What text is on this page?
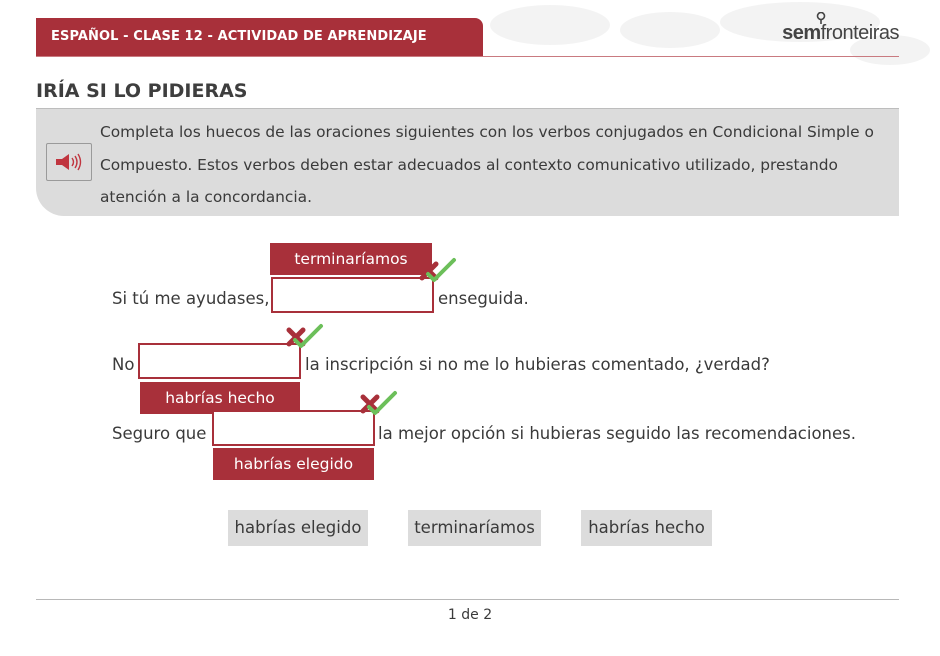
ESPAÑOL - CLASE 12 - ACTIVIDAD DE APRENDIZAJE	semfronteiras
IRÍA SI LO PIDIERAS
Completa los huecos de las oraciones siguientes con los verbos conjugados en Condicional Simple o Compuesto. Estos verbos deben estar adecuados al contexto comunicativo utilizado, prestando atención a la concordancia.
Si tú me ayudases,
terminaríamos
enseguida.
No	la inscripción si no me lo hubieras comentado, ¿verdad?
habrías hecho
Seguro que	la mejor opción si hubieras seguido las recomendaciones.
habrías elegido
habrías elegido	terminaríamos	habrías hecho
1 de 2
